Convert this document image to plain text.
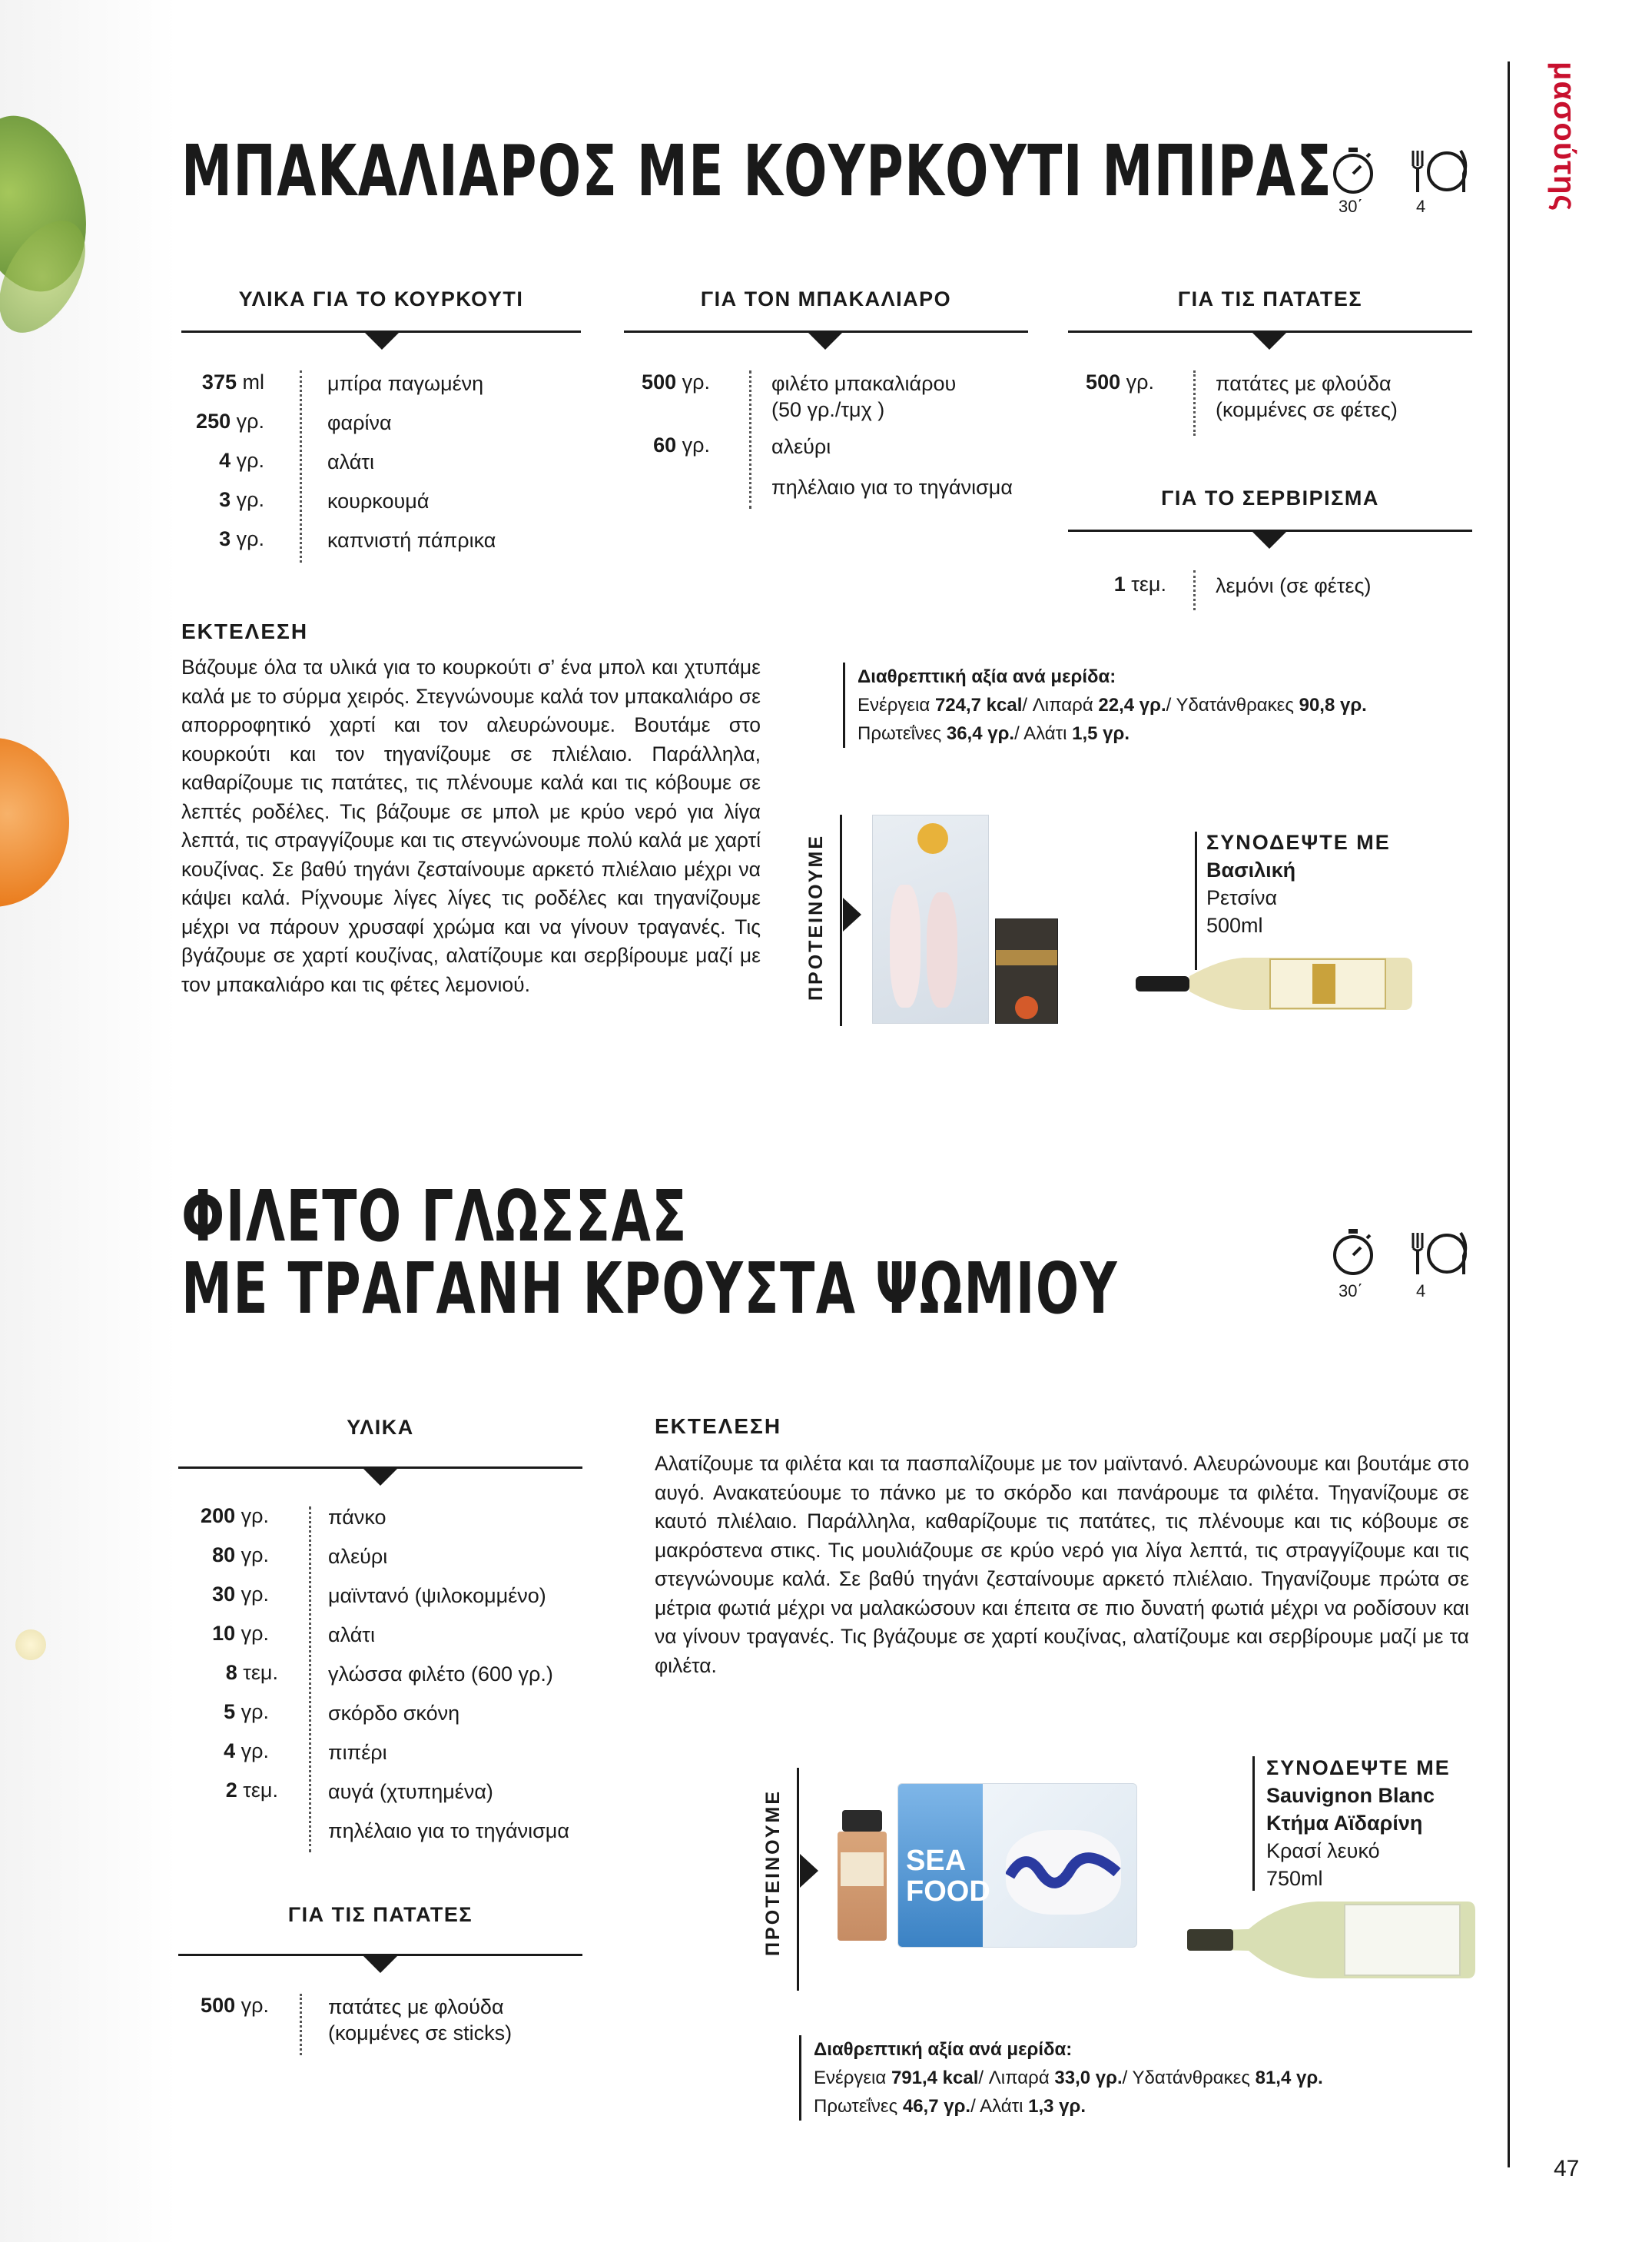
μασούτης
ΜΠΑΚΑΛΙΑΡΟΣ ΜΕ ΚΟΥΡΚΟΥΤΙ ΜΠΙΡΑΣ 30΄	4
ΥΛΙΚΑ ΓΙΑ ΤΟ ΚΟΥΡΚΟΥΤΙ
375 ml	μπίρα παγωμένη
250 γρ.	φαρίνα
4 γρ.	αλάτι
3 γρ.	κουρκουμά
3 γρ.	καπνιστή πάπρικα
ΓΙΑ ΤΟΝ ΜΠΑΚΑΛΙΑΡΟ
500 γρ.	φιλέτο μπακαλιάρου
(50 γρ./τμχ )
60 γρ.	αλεύρι
πηλέλαιο για το τηγάνισμα
ΓΙΑ ΤΙΣ ΠΑΤΑΤΕΣ
500 γρ.	πατάτες με φλούδα
(κομμένες σε φέτες)
ΓΙΑ ΤΟ ΣΕΡΒΙΡΙΣΜΑ
1 τεμ. λεμόνι (σε φέτες)
ΕΚΤΕΛΕΣΗ
Βάζουμε όλα τα υλικά για το κουρκούτι σ’ ένα μπολ και χτυπάμε καλά με το σύρμα χειρός. Στεγνώνουμε καλά τον μπακαλιάρο σε απορροφητικό χαρτί και τον αλευρώνουμε. Βουτάμε στο κουρκούτι και τον τηγανίζουμε σε πλιέλαιο. Παράλληλα, καθαρίζουμε τις πατάτες, τις πλένουμε καλά και τις κόβουμε σε λεπτές ροδέλες. Τις βάζουμε σε μπολ με κρύο νερό για λίγα λεπτά, τις στραγγίζουμε και τις στεγνώνουμε πολύ καλά με χαρτί κουζίνας. Σε βαθύ τηγάνι ζεσταίνουμε αρκετό πλιέλαιο μέχρι να κάψει καλά. Ρίχνουμε λίγες λίγες τις ροδέλες και τηγανίζουμε μέχρι να πάρουν χρυσαφί χρώμα και να γίνουν τραγανές. Τις βγάζουμε σε χαρτί κουζίνας, αλατίζουμε και σερβίρουμε μαζί με τον μπακαλιάρο και τις φέτες λεμονιού.
Διαθρεπτική αξία ανά μερίδα:
Ενέργεια 724,7 kcal/ Λιπαρά 22,4 γρ./ Υδατάνθρακες 90,8 γρ.
Πρωτεΐνες 36,4 γρ./ Αλάτι 1,5 γρ.
ΠΡΟΤΕΙΝΟΥΜΕ	ΣΥΝΟΔΕΨΤΕ ΜΕ
Βασιλική
Ρετσίνα
500ml
ΦΙΛΕΤΟ ΓΛΩΣΣΑΣ
ΜΕ ΤΡΑΓΑΝΗ ΚΡΟΥΣΤΑ ΨΩΜΙΟΥ	30΄	4
ΥΛΙΚΑ
200 γρ.	πάνκο
80 γρ.	αλεύρι
30 γρ.	μαϊντανό (ψιλοκομμένο)
10 γρ.	αλάτι
8 τεμ. γλώσσα φιλέτο (600 γρ.)
5 γρ.	σκόρδο σκόνη
4 γρ.	πιπέρι
2 τεμ. αυγά (χτυπημένα)
πηλέλαιο για το τηγάνισμα
ΓΙΑ ΤΙΣ ΠΑΤΑΤΕΣ
500 γρ.	πατάτες με φλούδα
(κομμένες σε sticks)
ΕΚΤΕΛΕΣΗ
Αλατίζουμε τα φιλέτα και τα πασπαλίζουμε με τον μαϊντανό. Αλευρώνουμε και βουτάμε στο αυγό. Ανακατεύουμε το πάνκο με το σκόρδο και πανάρουμε τα φιλέτα. Τηγανίζουμε σε καυτό πλιέλαιο. Παράλληλα, καθαρίζουμε τις πατάτες, τις πλένουμε και τις κόβουμε σε μακρόστενα στικς. Τις μουλιάζουμε σε κρύο νερό για λίγα λεπτά, τις στραγγίζουμε και τις στεγνώνουμε καλά. Σε βαθύ τηγάνι ζεσταίνουμε αρκετό πλιέλαιο. Τηγανίζουμε πρώτα σε μέτρια φωτιά μέχρι να μαλακώσουν και έπειτα σε πιο δυνατή φωτιά μέχρι να ροδίσουν και να γίνουν τραγανές. Τις βγάζουμε σε χαρτί κουζίνας, αλατίζουμε και σερβίρουμε μαζί με τα φιλέτα.
ΠΡΟΤΕΙΝΟΥΜΕ	SEA FOOD
ΣΥΝΟΔΕΨΤΕ ΜΕ
Sauvignon Blanc
Κτήμα Αϊδαρίνη
Κρασί λευκό
750ml
Διαθρεπτική αξία ανά μερίδα:
Ενέργεια 791,4 kcal/ Λιπαρά 33,0 γρ./ Υδατάνθρακες 81,4 γρ.
Πρωτεΐνες 46,7 γρ./ Αλάτι 1,3 γρ.
47
